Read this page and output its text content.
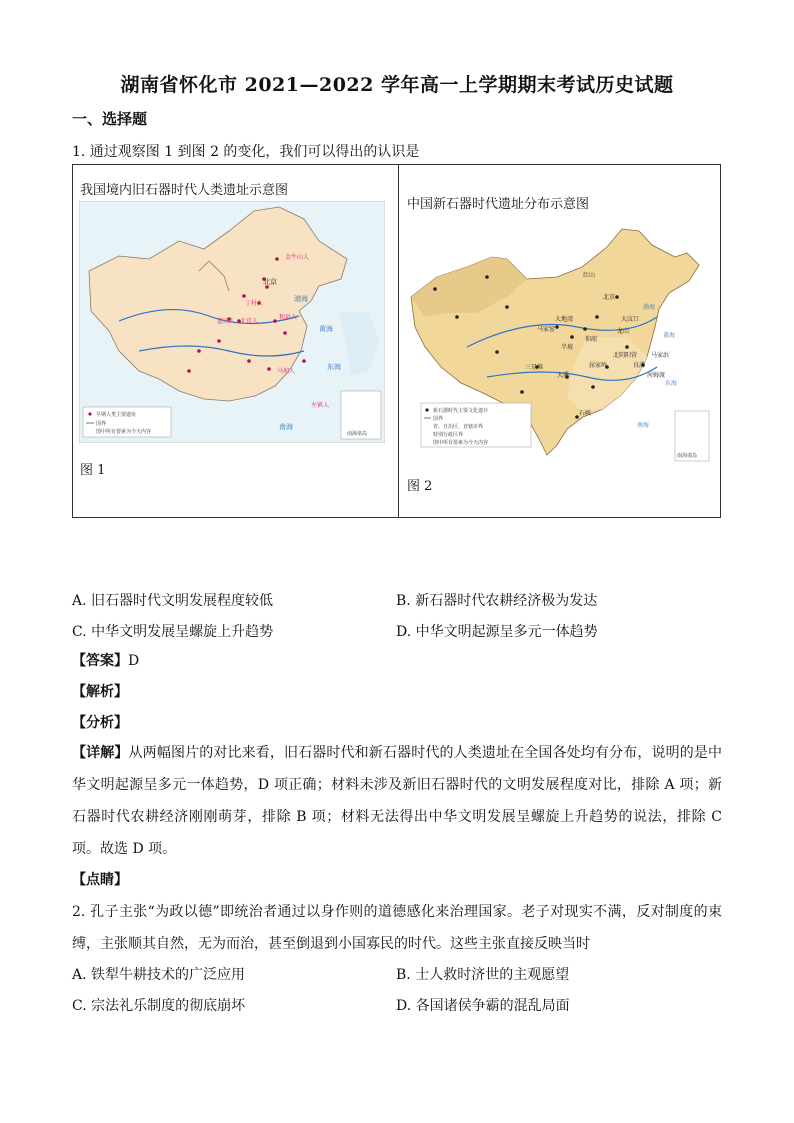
湖南省怀化市 2021—2022 学年高一上学期期末考试历史试题
一、选择题
1. 通过观察图 1 到图 2 的变化，我们可以得出的认识是
我国境内旧石器时代人类遗址示意图
北京
金牛山人
丁村人
蓝田人 北京人
和县人
马坝人
左镇人
渤海
黄海
东海
南海
早期人类主要遗址
国界
图中所有要素为今天内容	南海诸岛
图 1
中国新石器时代遗址分布示意图
红山
北京
大汶口
大地湾
半坡
仰韶
龙山
屈家岭	良渚
河姆渡
马家浜
石峡
大溪
三星堆
北阴阳营
马家窑
渤海
黄海
东海
南海
新石器时代主要文化遗存
国界
省、自治区、直辖市界
特别行政区界
图中所有要素为今天内容
南海诸岛
图 2
A. 旧石器时代文明发展程度较低	B. 新石器时代农耕经济极为发达
C. 中华文明发展呈螺旋上升趋势	D. 中华文明起源呈多元一体趋势
【答案】D
【解析】
【分析】
【详解】从两幅图片的对比来看，旧石器时代和新石器时代的人类遗址在全国各处均有分布，说明的是中华文明起源呈多元一体趋势，D 项正确；材料未涉及新旧石器时代的文明发展程度对比，排除 A 项；新石器时代农耕经济刚刚萌芽，排除 B 项；材料无法得出中华文明发展呈螺旋上升趋势的说法，排除 C 项。故选 D 项。
【点睛】
2. 孔子主张“为政以德”即统治者通过以身作则的道德感化来治理国家。老子对现实不满，反对制度的束缚，主张顺其自然，无为而治，甚至倒退到小国寡民的时代。这些主张直接反映当时
A. 铁犁牛耕技术的广泛应用	B. 士人救时济世的主观愿望
C. 宗法礼乐制度的彻底崩坏	D. 各国诸侯争霸的混乱局面
